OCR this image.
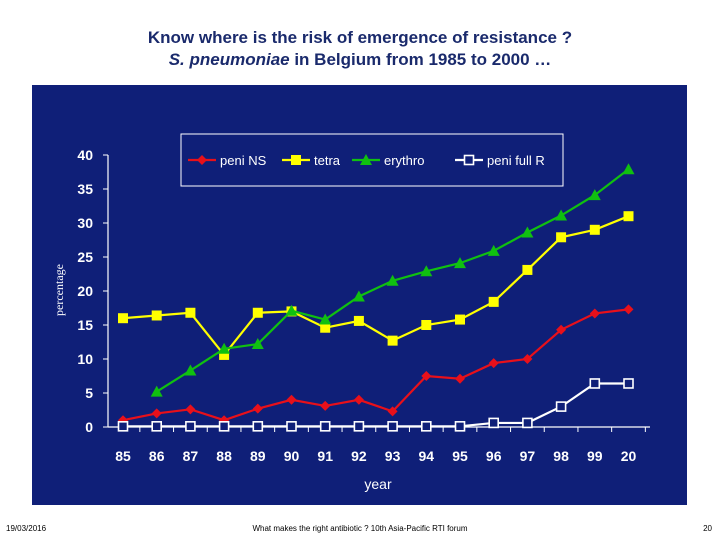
Know where is the risk of emergence of resistance ?
S. pneumoniae in Belgium from 1985 to 2000 …
0
5
10
15
20
25
30
35
40
85 86 87 88 89 90 91 92 93 94 95 96 97 98 99 20
year
percentage
peni NS	tetra	erythro	peni full R
19/03/2016	What makes the right antibiotic ? 10th Asia-Pacific RTI forum	20
